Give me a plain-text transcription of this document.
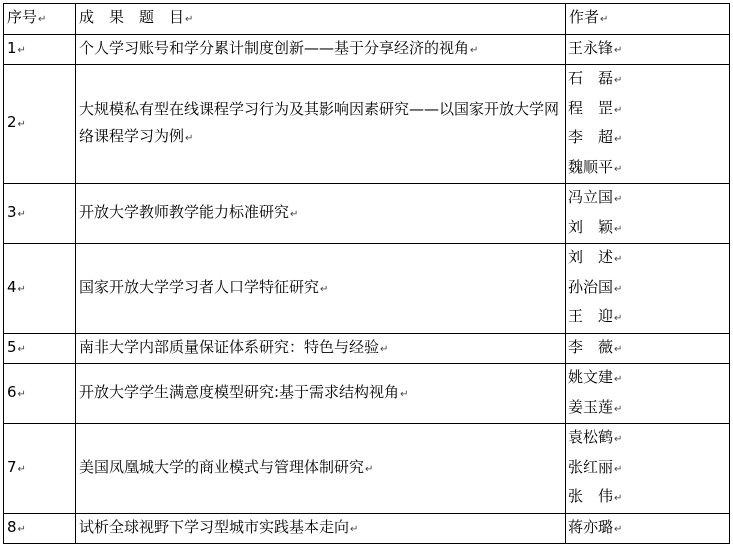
序号↵	成　果　题　目↵	作者↵
1↵	个人学习账号和学分累计制度创新——基于分享经济的视角↵	王永锋↵

2↵	大规模私有型在线课程学习行为及其影响因素研究——以国家开放大学网络课程学习为例↵	石　磊↵
程　罡↵
李　超↵
魏顺平↵

3↵	开放大学教师教学能力标准研究↵	冯立国↵
刘　颖↵

4↵	国家开放大学学习者人口学特征研究↵	刘　述↵
孙治国↵
王　迎↵

5↵	南非大学内部质量保证体系研究：特色与经验↵	李　薇↵

6↵	开放大学学生满意度模型研究:基于需求结构视角↵	姚文建↵
姜玉莲↵

7↵	美国凤凰城大学的商业模式与管理体制研究↵	袁松鹤↵
张红丽↵
张　伟↵

8↵	试析全球视野下学习型城市实践基本走向↵	蒋亦璐↵
